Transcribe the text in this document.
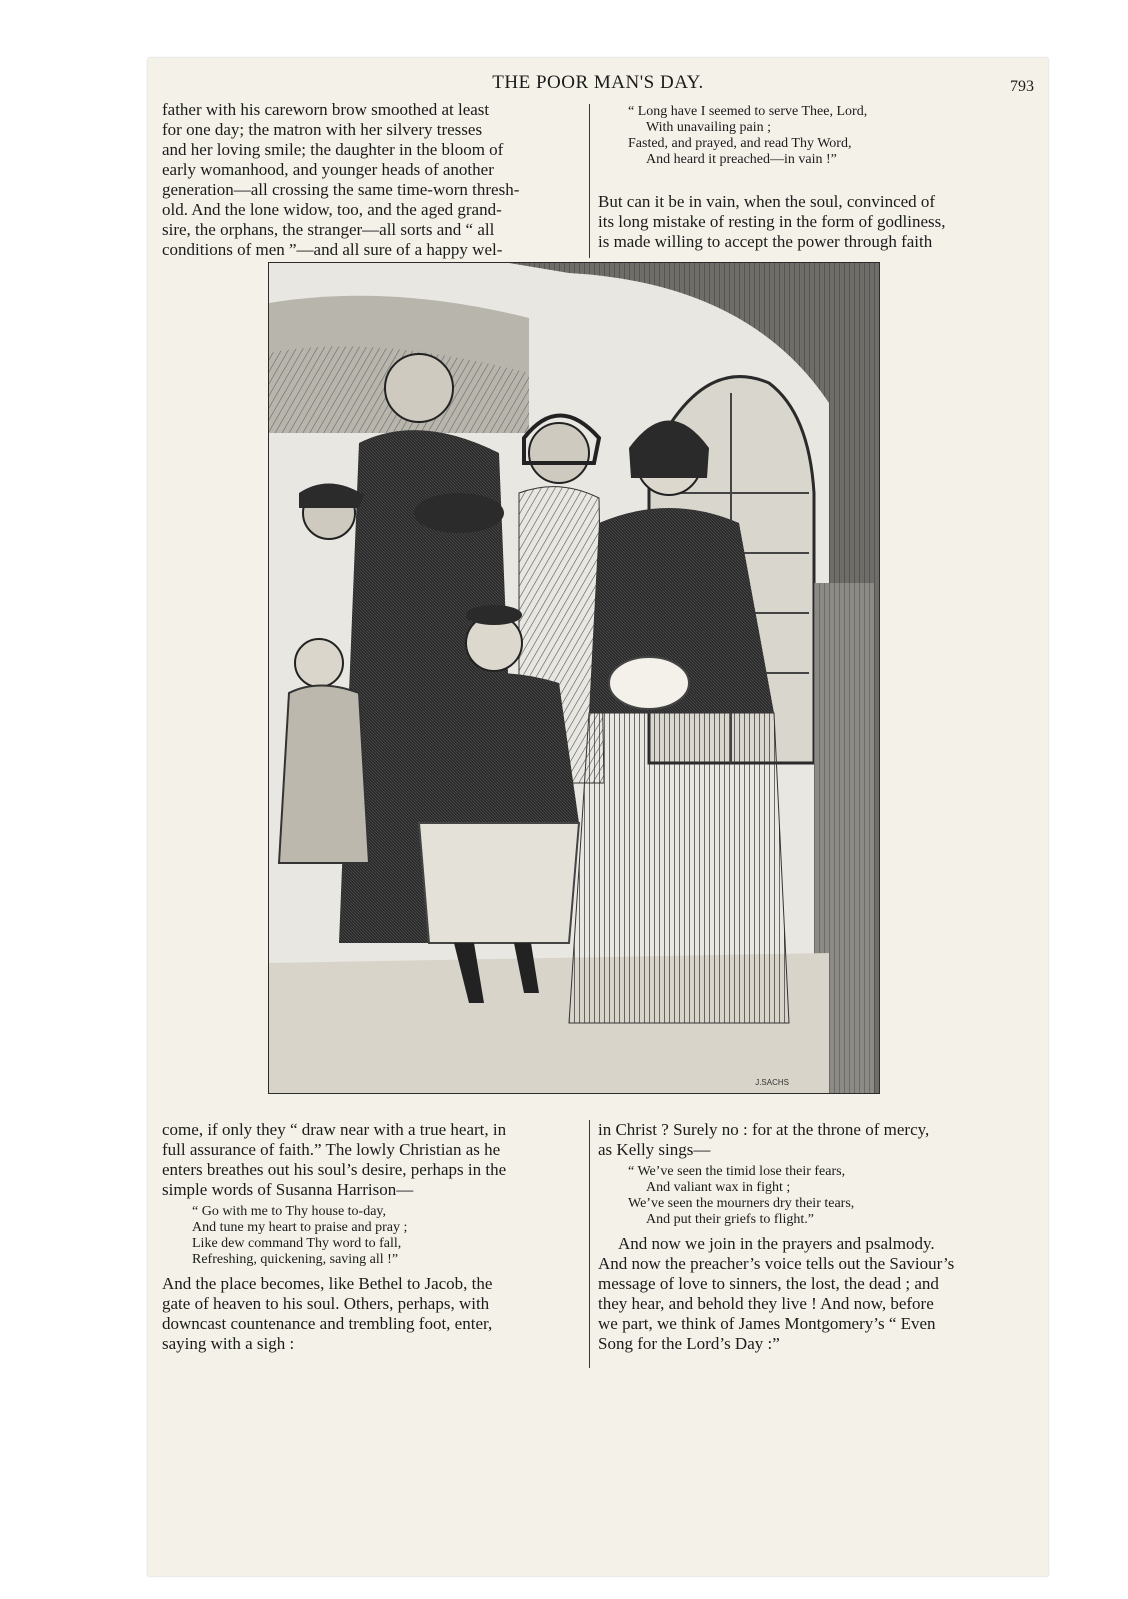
THE POOR MAN'S DAY.	793

father with his careworn brow smoothed at least

for one day; the matron with her silvery tresses

and her loving smile; the daughter in the bloom of

early womanhood, and younger heads of another

generation—all crossing the same time-worn thresh-

old. And the lone widow, too, and the aged grand-

sire, the orphans, the stranger—all sorts and “ all

conditions of men ”—and all sure of a happy wel-

“ Long have I seemed to serve Thee, Lord,
With unavailing pain ;
Fasted, and prayed, and read Thy Word,
And heard it preached—in vain !”

But can it be in vain, when the soul, convinced of

its long mistake of resting in the form of godliness,

is made willing to accept the power through faith

J.SACHS

come, if only they “ draw near with a true heart, in

full assurance of faith.” The lowly Christian as he

enters breathes out his soul’s desire, perhaps in the

simple words of Susanna Harrison—

“ Go with me to Thy house to-day,
And tune my heart to praise and pray ;
Like dew command Thy word to fall,
Refreshing, quickening, saving all !”

And the place becomes, like Bethel to Jacob, the

gate of heaven to his soul. Others, perhaps, with

downcast countenance and trembling foot, enter,

saying with a sigh :

in Christ ? Surely no : for at the throne of mercy,

as Kelly sings—

“ We’ve seen the timid lose their fears,
And valiant wax in fight ;
We’ve seen the mourners dry their tears,
And put their griefs to flight.”

And now we join in the prayers and psalmody.

And now the preacher’s voice tells out the Saviour’s

message of love to sinners, the lost, the dead ; and

they hear, and behold they live ! And now, before

we part, we think of James Montgomery’s “ Even

Song for the Lord’s Day :”
